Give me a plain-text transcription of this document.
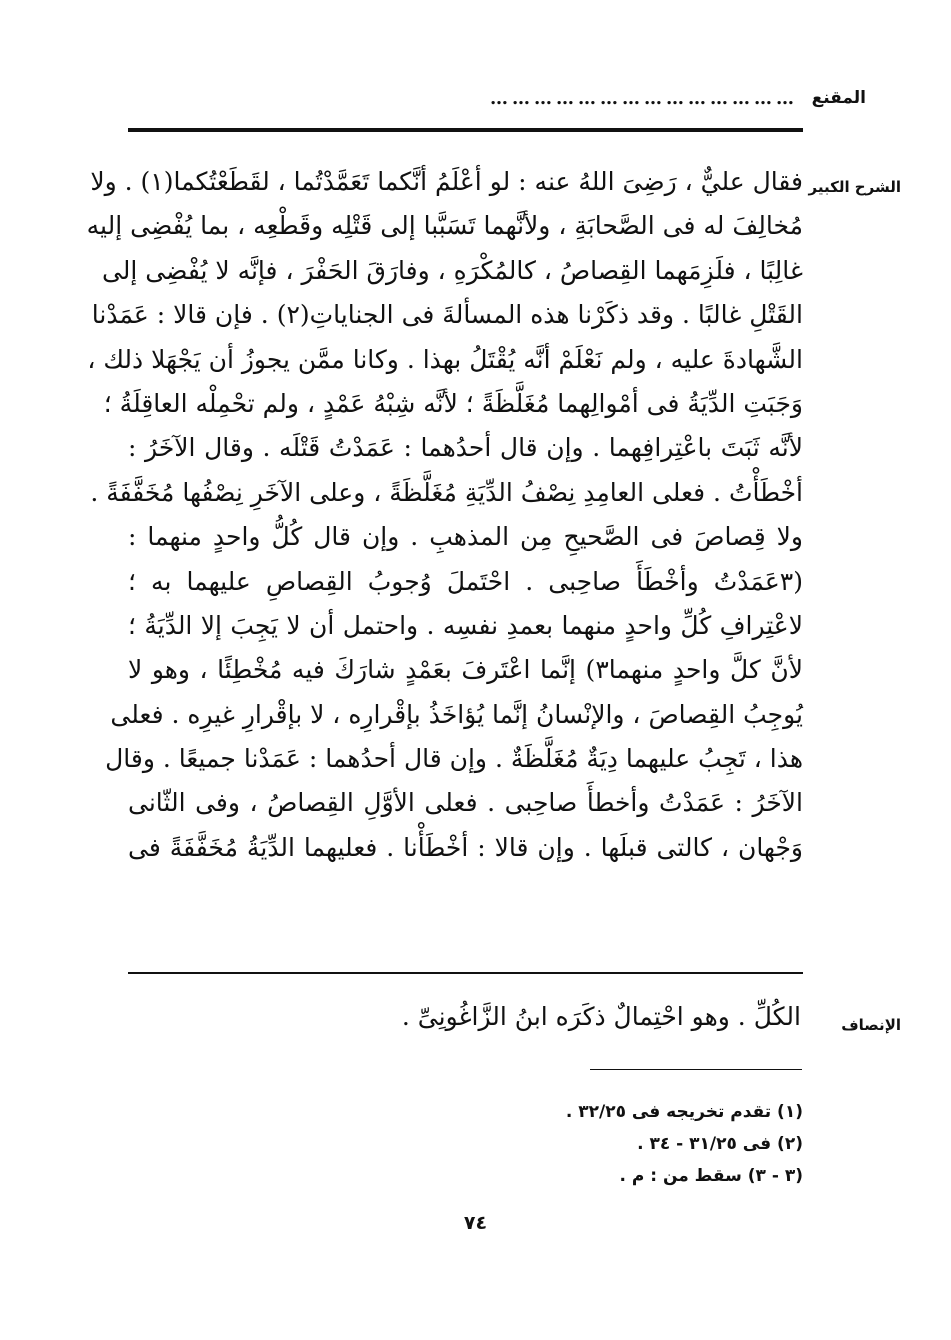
المقنع
……………………………………
الشرح الكبير
فقال عليٌّ ، رَضِىَ اللهُ عنه : لو أعْلَمُ أنَّكما تَعَمَّدْتُما ، لقَطَعْتُكما(١) . ولا
مُخالِفَ له فى الصَّحابَةِ ، ولأنَّهما تَسَبَّبا إلى قَتْلِه وقَطْعِه ، بما يُفْضِى إليه
غالِبًا ، فلَزِمَهما القِصاصُ ، كالمُكْرَهِ ، وفارَقَ الحَفْرَ ، فإنَّه لا يُفْضِى إلى
القَتْلِ غالبًا . وقد ذكَرْنا هذه المسألةَ فى الجناياتِ(٢) . فإن قالا : عَمَدْنا
الشَّهادةَ عليه ، ولم نَعْلَمْ أنَّه يُقْتَلُ بهذا . وكانا ممَّن يجوزُ أن يَجْهَلا ذلك ،
وَجَبَتِ الدِّيَةُ فى أمْوالِهما مُغَلَّظَةً ؛ لأنَّه شِبْهُ عَمْدٍ ، ولم تحْمِلْه العاقِلَةُ ؛
لأنَّه ثَبَتَ باعْتِرافِهما . وإن قال أحدُهما : عَمَدْتُ قَتْلَه . وقال الآخَرُ :
أخْطَأْتُ . فعلى العامِدِ نِصْفُ الدِّيَةِ مُغَلَّظَةً ، وعلى الآخَرِ نِصْفُها مُخَفَّفَةً .
ولا قِصاصَ فى الصَّحيحِ مِن المذهبِ . وإن قال كُلُّ واحدٍ منهما :
(٣عَمَدْتُ وأخْطَأَ صاحِبى . احْتَملَ وُجوبُ القِصاصِ عليهما به ؛
لاعْتِرافِ كُلِّ واحدٍ منهما بعمدِ نفسِه . واحتمل أن لا يَجِبَ إلا الدِّيَةُ ؛
لأنَّ كلَّ واحدٍ منهما٣) إنَّما اعْتَرفَ بعَمْدٍ شارَكَ فيه مُخْطِئًا ، وهو لا
يُوجِبُ القِصاصَ ، والإنْسانُ إنَّما يُؤاخَذُ بإقْرارِه ، لا بإقْرارِ غيرِه . فعلى
هذا ، تَجِبُ عليهما دِيَةٌ مُغَلَّظَةٌ . وإن قال أحدُهما : عَمَدْنا جميعًا . وقال
الآخَرُ : عَمَدْتُ وأخطأَ صاحِبى . فعلى الأوَّلِ القِصاصُ ، وفى الثّانى
وَجْهان ، كالتى قبلَها . وإن قالا : أخْطَأْنا . فعليهما الدِّيَةُ مُخَفَّفَةً فى
الإنصاف
الكُلِّ . وهو احْتِمالٌ ذكَرَه ابنُ الزَّاغُونِىِّ .
(١) تقدم تخريجه فى ٣٢/٢٥ .
(٢) فى ٣١/٢٥ - ٣٤ .
(٣ - ٣) سقط من : م .
٧٤
